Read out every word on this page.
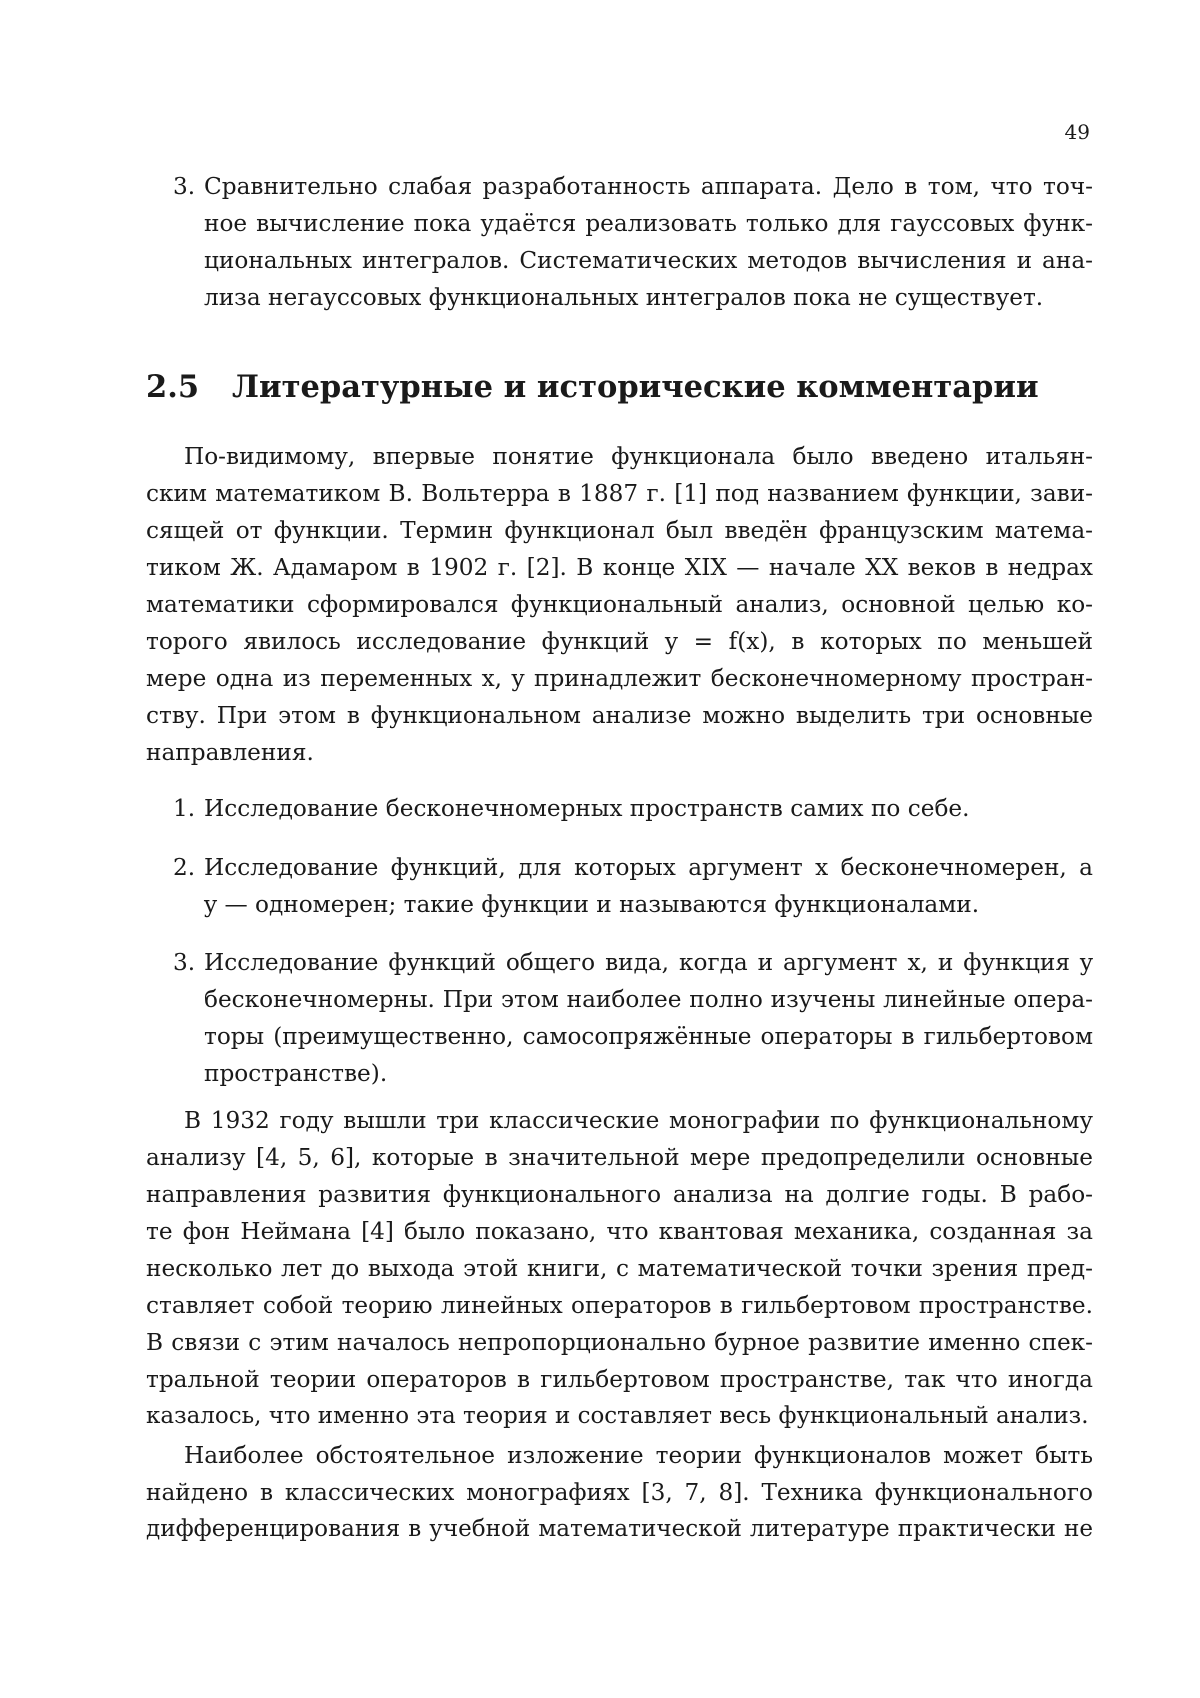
49
3. Сравнительно слабая разработанность аппарата. Дело в том, что точ-
ное вычисление пока удаётся реализовать только для гауссовых функ-
циональных интегралов. Систематических методов вычисления и ана-
лиза негауссовых функциональных интегралов пока не существует.
2.5 Литературные и исторические комментарии
По-видимому, впервые понятие функционала было введено итальян-
ским математиком В. Вольтерра в 1887 г. [1] под названием функции, зави-
сящей от функции. Термин функционал был введён французским матема-
тиком Ж. Адамаром в 1902 г. [2]. В конце XIX — начале XX веков в недрах
математики сформировался функциональный анализ, основной целью ко-
торого явилось исследование функций y = f(x), в которых по меньшей
мере одна из переменных x, y принадлежит бесконечномерному простран-
ству. При этом в функциональном анализе можно выделить три основные
направления.
1. Исследование бесконечномерных пространств самих по себе.
2. Исследование функций, для которых аргумент x бесконечномерен, а
y — одномерен; такие функции и называются функционалами.
3. Исследование функций общего вида, когда и аргумент x, и функция y
бесконечномерны. При этом наиболее полно изучены линейные опера-
торы (преимущественно, самосопряжённые операторы в гильбертовом
пространстве).
В 1932 году вышли три классические монографии по функциональному
анализу [4, 5, 6], которые в значительной мере предопределили основные
направления развития функционального анализа на долгие годы. В рабо-
те фон Неймана [4] было показано, что квантовая механика, созданная за
несколько лет до выхода этой книги, с математической точки зрения пред-
ставляет собой теорию линейных операторов в гильбертовом пространстве.
В связи с этим началось непропорционально бурное развитие именно спек-
тральной теории операторов в гильбертовом пространстве, так что иногда
казалось, что именно эта теория и составляет весь функциональный анализ.
Наиболее обстоятельное изложение теории функционалов может быть
найдено в классических монографиях [3, 7, 8]. Техника функционального
дифференцирования в учебной математической литературе практически не
